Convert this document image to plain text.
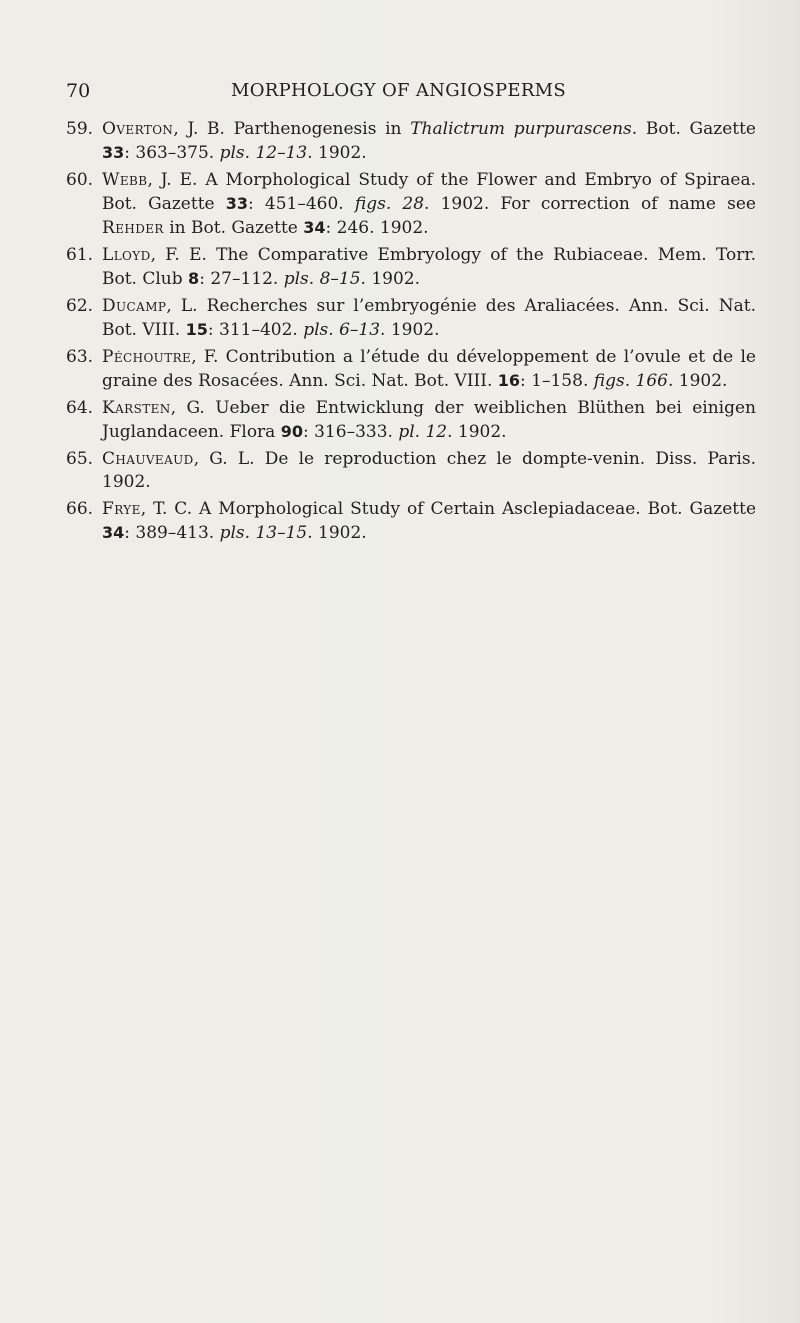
70	MORPHOLOGY OF ANGIOSPERMS

59. Overton, J. B. Parthenogenesis in Thalictrum purpurascens. Bot. Gazette 33: 363–375. pls. 12–13. 1902.

60. Webb, J. E. A Morphological Study of the Flower and Embryo of Spiraea. Bot. Gazette 33: 451–460. figs. 28. 1902. For correction of name see Rehder in Bot. Gazette 34: 246. 1902.

61. Lloyd, F. E. The Comparative Embryology of the Rubiaceae. Mem. Torr. Bot. Club 8: 27–112. pls. 8–15. 1902.

62. Ducamp, L. Recherches sur l’embryogénie des Araliacées. Ann. Sci. Nat. Bot. VIII. 15: 311–402. pls. 6–13. 1902.

63. Péchoutre, F. Contribution a l’étude du développement de l’ovule et de le graine des Rosacées. Ann. Sci. Nat. Bot. VIII. 16: 1–158. figs. 166. 1902.

64. Karsten, G. Ueber die Entwicklung der weiblichen Blüthen bei einigen Juglandaceen. Flora 90: 316–333. pl. 12. 1902.

65. Chauveaud, G. L. De le reproduction chez le dompte-venin. Diss. Paris. 1902.

66. Frye, T. C. A Morphological Study of Certain Asclepiadaceae. Bot. Gazette 34: 389–413. pls. 13–15. 1902.
